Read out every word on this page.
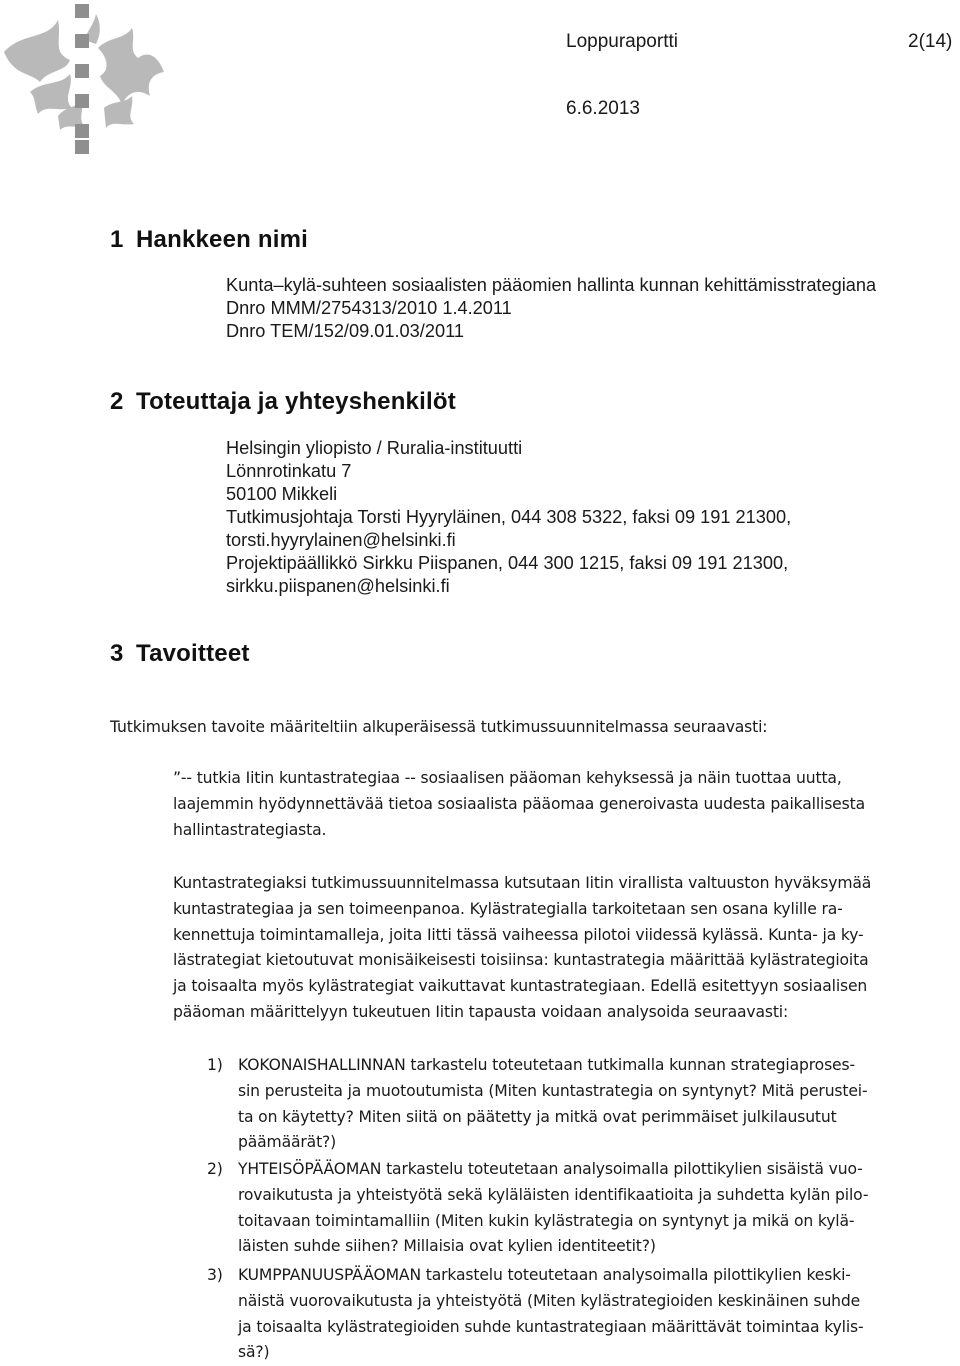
Loppuraportti	2(14)
6.6.2013
1 Hankkeen nimi
Kunta–kylä-suhteen sosiaalisten pääomien hallinta kunnan kehittämisstrategiana
Dnro MMM/2754313/2010 1.4.2011
Dnro TEM/152/09.01.03/2011
2 Toteuttaja ja yhteyshenkilöt
Helsingin yliopisto / Ruralia-instituutti
Lönnrotinkatu 7
50100 Mikkeli
Tutkimusjohtaja Torsti Hyyryläinen, 044 308 5322, faksi 09 191 21300,
torsti.hyyrylainen@helsinki.fi
Projektipäällikkö Sirkku Piispanen, 044 300 1215, faksi 09 191 21300,
sirkku.piispanen@helsinki.fi
3 Tavoitteet
Tutkimuksen tavoite määriteltiin alkuperäisessä tutkimussuunnitelmassa seuraavasti:
”-- tutkia Iitin kuntastrategiaa -- sosiaalisen pääoman kehyksessä ja näin tuottaa uutta,
laajemmin hyödynnettävää tietoa sosiaalista pääomaa generoivasta uudesta paikallisesta
hallintastrategiasta.
Kuntastrategiaksi tutkimussuunnitelmassa kutsutaan Iitin virallista valtuuston hyväksymää
kuntastrategiaa ja sen toimeenpanoa. Kylästrategialla tarkoitetaan sen osana kylille ra-
kennettuja toimintamalleja, joita Iitti tässä vaiheessa pilotoi viidessä kylässä. Kunta- ja ky-
lästrategiat kietoutuvat monisäikeisesti toisiinsa: kuntastrategia määrittää kylästrategioita
ja toisaalta myös kylästrategiat vaikuttavat kuntastrategiaan. Edellä esitettyyn sosiaalisen
pääoman määrittelyyn tukeutuen Iitin tapausta voidaan analysoida seuraavasti:
1) KOKONAISHALLINNAN tarkastelu toteutetaan tutkimalla kunnan strategiaproses-
sin perusteita ja muotoutumista (Miten kuntastrategia on syntynyt? Mitä perustei-
ta on käytetty? Miten siitä on päätetty ja mitkä ovat perimmäiset julkilausutut
päämäärät?)
2) YHTEISÖPÄÄOMAN tarkastelu toteutetaan analysoimalla pilottikylien sisäistä vuo-
rovaikutusta ja yhteistyötä sekä kyläläisten identifikaatioita ja suhdetta kylän pilo-
toitavaan toimintamalliin (Miten kukin kylästrategia on syntynyt ja mikä on kylä-
läisten suhde siihen? Millaisia ovat kylien identiteetit?)
3) KUMPPANUUSPÄÄOMAN tarkastelu toteutetaan analysoimalla pilottikylien keski-
näistä vuorovaikutusta ja yhteistyötä (Miten kylästrategioiden keskinäinen suhde
ja toisaalta kylästrategioiden suhde kuntastrategiaan määrittävät toimintaa kylis-
sä?)
